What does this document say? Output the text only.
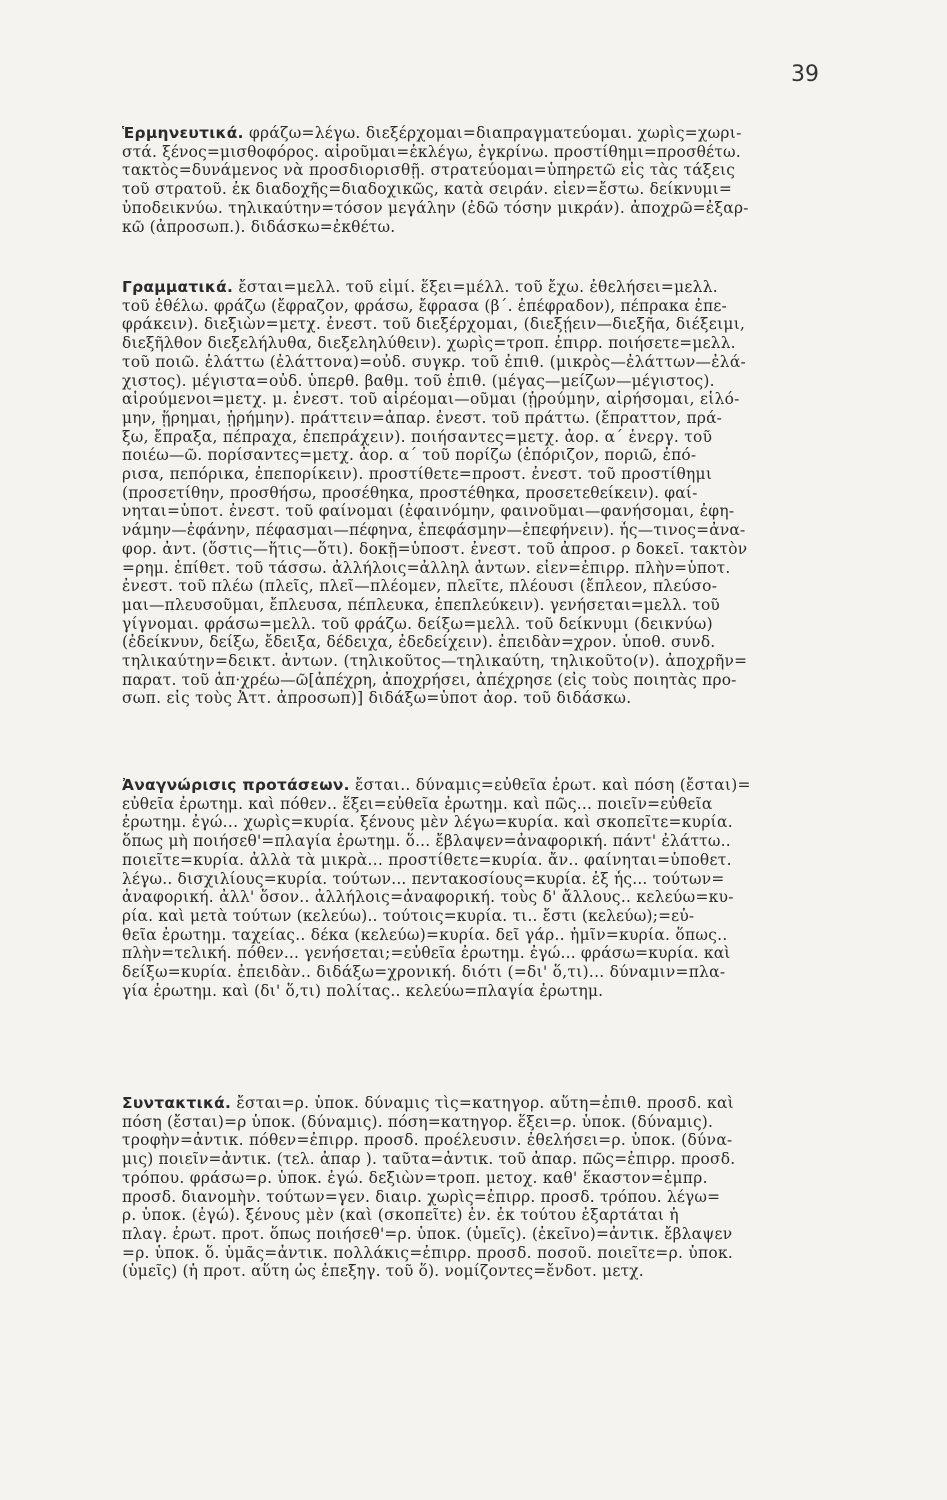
39
Ἑρμηνευτικά. φράζω=λέγω. διεξέρχομαι=διαπραγματεύομαι. χωρὶς=χωρι-
στά. ξένος=μισθοφόρος. αἱροῦμαι=ἐκλέγω, ἐγκρίνω. προστίθημι=προσθέτω.
τακτὸς=δυνάμενος νὰ προσδιορισθῇ. στρατεύομαι=ὑπηρετῶ εἰς τὰς τάξεις
τοῦ στρατοῦ. ἐκ διαδοχῆς=διαδοχικῶς, κατὰ σειράν. εἶεν=ἔστω. δείκνυμι=
ὑποδεικνύω. τηλικαύτην=τόσον μεγάλην (ἐδῶ τόσην μικράν). ἀποχρῶ=ἐξαρ-
κῶ (ἀπροσωπ.). διδάσκω=ἐκθέτω.
Γραμματικά. ἔσται=μελλ. τοῦ εἰμί. ἕξει=μέλλ. τοῦ ἔχω. ἐθελήσει=μελλ.
τοῦ ἐθέλω. φράζω (ἔφραζον, φράσω, ἔφρασα (β΄. ἐπέφραδον), πέπρακα ἐπε-
φράκειν). διεξιὼν=μετχ. ἐνεστ. τοῦ διεξέρχομαι, (διεξῄειν—διεξῆα, διέξειμι,
διεξῆλθον διεξελήλυθα, διεξεληλύθειν). χωρὶς=τροπ. ἐπιρρ. ποιήσετε=μελλ.
τοῦ ποιῶ. ἐλάττω (ἐλάττονα)=οὐδ. συγκρ. τοῦ ἐπιθ. (μικρὸς—ἐλάττων—ἐλά-
χιστος). μέγιστα=οὐδ. ὑπερθ. βαθμ. τοῦ ἐπιθ. (μέγας—μείζων—μέγιστος).
αἱρούμενοι=μετχ. μ. ἐνεστ. τοῦ αἱρέομαι—οῦμαι (ᾑρούμην, αἱρήσομαι, εἱλό-
μην, ᾕρημαι, ᾑρήμην). πράττειν=ἀπαρ. ἐνεστ. τοῦ πράττω. (ἔπραττον, πρά-
ξω, ἔπραξα, πέπραχα, ἐπεπράχειν). ποιήσαντες=μετχ. ἀορ. α΄ ἐνεργ. τοῦ
ποιέω—ῶ. πορίσαντες=μετχ. ἀορ. α΄ τοῦ πορίζω (ἐπόριζον, ποριῶ, ἐπό-
ρισα, πεπόρικα, ἐπεπορίκειν). προστίθετε=προστ. ἐνεστ. τοῦ προστίθημι
(προσετίθην, προσθήσω, προσέθηκα, προστέθηκα, προσετεθείκειν). φαί-
νηται=ὑποτ. ἐνεστ. τοῦ φαίνομαι (ἐφαινόμην, φαινοῦμαι—φανήσομαι, ἐφη-
νάμην—ἐφάνην, πέφασμαι—πέφηνα, ἐπεφάσμην—ἐπεφήνειν). ἧς—τινος=ἀνα-
φορ. ἀντ. (ὅστις—ἥτις—ὅτι). δοκῇ=ὑποστ. ἐνεστ. τοῦ ἀπροσ. ρ δοκεῖ. τακτὸν
=ρημ. ἐπίθετ. τοῦ τάσσω. ἀλλήλοις=ἀλληλ ἀντων. εἶεν=ἐπιρρ. πλὴν=ὑποτ.
ἐνεστ. τοῦ πλέω (πλεῖς, πλεῖ—πλέομεν, πλεῖτε, πλέουσι (ἔπλεον, πλεύσο-
μαι—πλευσοῦμαι, ἔπλευσα, πέπλευκα, ἐπεπλεύκειν). γενήσεται=μελλ. τοῦ
γίγνομαι. φράσω=μελλ. τοῦ φράζω. δείξω=μελλ. τοῦ δείκνυμι (δεικνύω)
(ἐδείκνυν, δείξω, ἔδειξα, δέδειχα, ἐδεδείχειν). ἐπειδὰν=χρον. ὑποθ. συνδ.
τηλικαύτην=δεικτ. ἀντων. (τηλικοῦτος—τηλικαύτη, τηλικοῦτο(ν). ἀποχρῆν=
παρατ. τοῦ ἀπ·χρέω—ῶ[ἀπέχρη, ἀποχρήσει, ἀπέχρησε (εἰς τοὺς ποιητὰς προ-
σωπ. εἰς τοὺς Ἀττ. ἀπροσωπ)] διδάξω=ὑποτ ἀορ. τοῦ διδάσκω.
Ἀναγνώρισις προτάσεων. ἔσται.. δύναμις=εὐθεῖα ἐρωτ. καὶ πόση (ἔσται)=
εὐθεῖα ἐρωτημ. καὶ πόθεν.. ἕξει=εὐθεῖα ἐρωτημ. καὶ πῶς... ποιεῖν=εὐθεῖα
ἐρωτημ. ἐγώ... χωρὶς=κυρία. ξένους μὲν λέγω=κυρία. καὶ σκοπεῖτε=κυρία.
ὅπως μὴ ποιήσεθ'=πλαγία ἐρωτημ. ὅ... ἔβλαψεν=ἀναφορική. πάντ' ἐλάττω..
ποιεῖτε=κυρία. ἀλλὰ τὰ μικρὰ... προστίθετε=κυρία. ἄν.. φαίνηται=ὑποθετ.
λέγω.. δισχιλίους=κυρία. τούτων... πεντακοσίους=κυρία. ἐξ ἧς... τούτων=
ἀναφορική. ἀλλ' ὅσον.. ἀλλήλοις=ἀναφορική. τοὺς δ' ἄλλους.. κελεύω=κυ-
ρία. καὶ μετὰ τούτων (κελεύω).. τούτοις=κυρία. τι.. ἔστι (κελεύω);=εὐ-
θεῖα ἐρωτημ. ταχείας.. δέκα (κελεύω)=κυρία. δεῖ γάρ.. ἡμῖν=κυρία. ὅπως..
πλὴν=τελική. πόθεν... γενήσεται;=εὐθεῖα ἐρωτημ. ἐγώ... φράσω=κυρία. καὶ
δείξω=κυρία. ἐπειδὰν.. διδάξω=χρονική. διότι (=δι' ὅ,τι)... δύναμιν=πλα-
γία ἐρωτημ. καὶ (δι' ὅ,τι) πολίτας.. κελεύω=πλαγία ἐρωτημ.
Συντακτικά. ἔσται=ρ. ὑποκ. δύναμις τὶς=κατηγορ. αὕτη=ἐπιθ. προσδ. καὶ
πόση (ἔσται)=ρ ὑποκ. (δύναμις). πόση=κατηγορ. ἕξει=ρ. ὑποκ. (δύναμις).
τροφὴν=ἀντικ. πόθεν=ἐπιρρ. προσδ. προέλευσιν. ἐθελήσει=ρ. ὑποκ. (δύνα-
μις) ποιεῖν=ἀντικ. (τελ. ἀπαρ ). ταῦτα=ἀντικ. τοῦ ἀπαρ. πῶς=ἐπιρρ. προσδ.
τρόπου. φράσω=ρ. ὑποκ. ἐγώ. δεξιὼν=τροπ. μετοχ. καθ' ἕκαστον=ἐμπρ.
προσδ. διανομὴν. τούτων=γεν. διαιρ. χωρὶς=ἐπιρρ. προσδ. τρόπου. λέγω=
ρ. ὑποκ. (ἐγώ). ξένους μὲν (καὶ (σκοπεῖτε) ἐν. ἐκ τούτου ἐξαρτάται ἡ
πλαγ. ἐρωτ. προτ. ὅπως ποιήσεθ'=ρ. ὑποκ. (ὑμεῖς). (ἐκεῖνο)=ἀντικ. ἔβλαψεν
=ρ. ὑποκ. ὅ. ὑμᾶς=ἀντικ. πολλάκις=ἐπιρρ. προσδ. ποσοῦ. ποιεῖτε=ρ. ὑποκ.
(ὑμεῖς) (ἡ προτ. αὕτη ὡς ἐπεξηγ. τοῦ ὅ). νομίζοντες=ἔνδοτ. μετχ.
